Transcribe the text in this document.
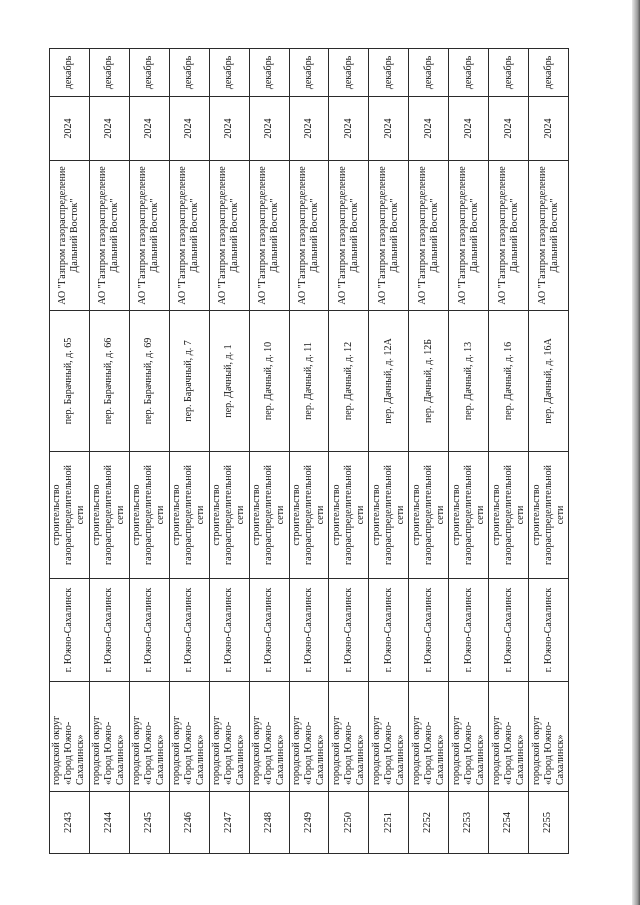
2243	городской округ «Город Южно-Сахалинск»	г. Южно-Сахалинск	строительство газораспределительной сети	пер. Барачный, д. 65	АО "Газпром газораспределение Дальний Восток"	2024	декабрь
2244	городской округ «Город Южно-Сахалинск»	г. Южно-Сахалинск	строительство газораспределительной сети	пер. Барачный, д. 66	АО "Газпром газораспределение Дальний Восток"	2024	декабрь
2245	городской округ «Город Южно-Сахалинск»	г. Южно-Сахалинск	строительство газораспределительной сети	пер. Барачный, д. 69	АО "Газпром газораспределение Дальний Восток"	2024	декабрь
2246	городской округ «Город Южно-Сахалинск»	г. Южно-Сахалинск	строительство газораспределительной сети	пер. Барачный, д. 7	АО "Газпром газораспределение Дальний Восток"	2024	декабрь
2247	городской округ «Город Южно-Сахалинск»	г. Южно-Сахалинск	строительство газораспределительной сети	пер. Дачный, д. 1	АО "Газпром газораспределение Дальний Восток"	2024	декабрь
2248	городской округ «Город Южно-Сахалинск»	г. Южно-Сахалинск	строительство газораспределительной сети	пер. Дачный, д. 10	АО "Газпром газораспределение Дальний Восток"	2024	декабрь
2249	городской округ «Город Южно-Сахалинск»	г. Южно-Сахалинск	строительство газораспределительной сети	пер. Дачный, д. 11	АО "Газпром газораспределение Дальний Восток"	2024	декабрь
2250	городской округ «Город Южно-Сахалинск»	г. Южно-Сахалинск	строительство газораспределительной сети	пер. Дачный, д. 12	АО "Газпром газораспределение Дальний Восток"	2024	декабрь
2251	городской округ «Город Южно-Сахалинск»	г. Южно-Сахалинск	строительство газораспределительной сети	пер. Дачный, д. 12А	АО "Газпром газораспределение Дальний Восток"	2024	декабрь
2252	городской округ «Город Южно-Сахалинск»	г. Южно-Сахалинск	строительство газораспределительной сети	пер. Дачный, д. 12Б	АО "Газпром газораспределение Дальний Восток"	2024	декабрь
2253	городской округ «Город Южно-Сахалинск»	г. Южно-Сахалинск	строительство газораспределительной сети	пер. Дачный, д. 13	АО "Газпром газораспределение Дальний Восток"	2024	декабрь
2254	городской округ «Город Южно-Сахалинск»	г. Южно-Сахалинск	строительство газораспределительной сети	пер. Дачный, д. 16	АО "Газпром газораспределение Дальний Восток"	2024	декабрь
2255	городской округ «Город Южно-Сахалинск»	г. Южно-Сахалинск	строительство газораспределительной сети	пер. Дачный, д. 16А	АО "Газпром газораспределение Дальний Восток"	2024	декабрь
